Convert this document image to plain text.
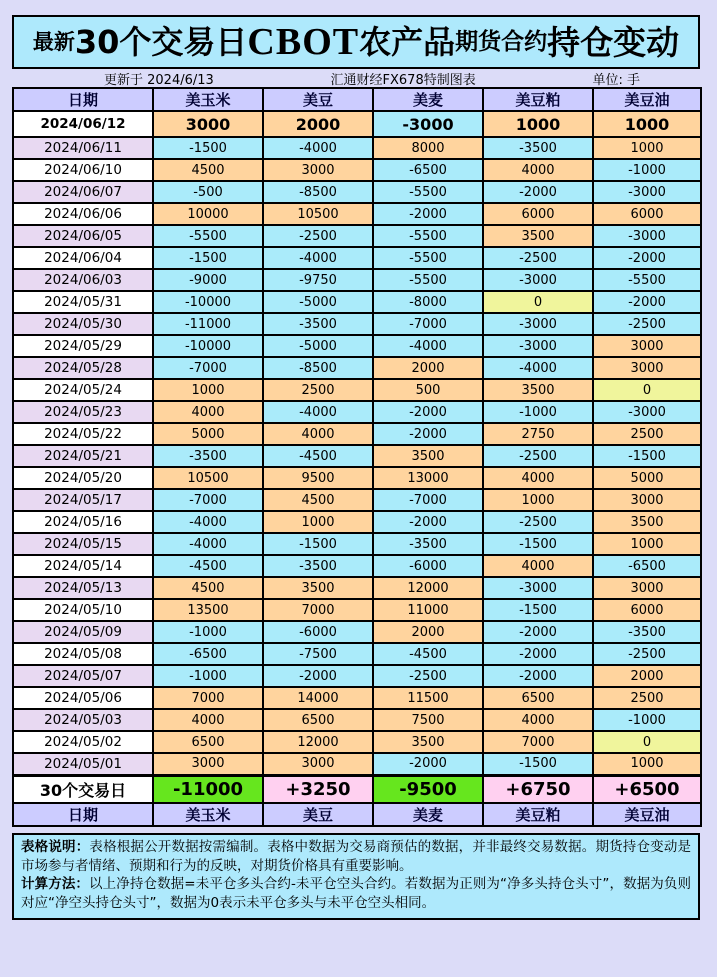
最新 30个交易日 CBOT 农产品 期货合约 持仓变动
更新于 2024/6/13	汇通财经FX678特制图表	单位: 手
日期	美玉米	美豆	美麦	美豆粕	美豆油
2024/06/12	3000	2000	-3000	1000	1000
2024/06/11	-1500	-4000	8000	-3500	1000
2024/06/10	4500	3000	-6500	4000	-1000
2024/06/07	-500	-8500	-5500	-2000	-3000
2024/06/06	10000	10500	-2000	6000	6000
2024/06/05	-5500	-2500	-5500	3500	-3000
2024/06/04	-1500	-4000	-5500	-2500	-2000
2024/06/03	-9000	-9750	-5500	-3000	-5500
2024/05/31	-10000	-5000	-8000	0	-2000
2024/05/30	-11000	-3500	-7000	-3000	-2500
2024/05/29	-10000	-5000	-4000	-3000	3000
2024/05/28	-7000	-8500	2000	-4000	3000
2024/05/24	1000	2500	500	3500	0
2024/05/23	4000	-4000	-2000	-1000	-3000
2024/05/22	5000	4000	-2000	2750	2500
2024/05/21	-3500	-4500	3500	-2500	-1500
2024/05/20	10500	9500	13000	4000	5000
2024/05/17	-7000	4500	-7000	1000	3000
2024/05/16	-4000	1000	-2000	-2500	3500
2024/05/15	-4000	-1500	-3500	-1500	1000
2024/05/14	-4500	-3500	-6000	4000	-6500
2024/05/13	4500	3500	12000	-3000	3000
2024/05/10	13500	7000	11000	-1500	6000
2024/05/09	-1000	-6000	2000	-2000	-3500
2024/05/08	-6500	-7500	-4500	-2000	-2500
2024/05/07	-1000	-2000	-2500	-2000	2000
2024/05/06	7000	14000	11500	6500	2500
2024/05/03	4000	6500	7500	4000	-1000
2024/05/02	6500	12000	3500	7000	0
2024/05/01	3000	3000	-2000	-1500	1000
30个交易日	-11000	+3250	-9500	+6750	+6500
日期	美玉米	美豆	美麦	美豆粕	美豆油
表格说明：表格根据公开数据按需编制。表格中数据为交易商预估的数据，并非最终交易数据。期货持仓变动是市场参与者情绪、预期和行为的反映，对期货价格具有重要影响。
计算方法：以上净持仓数据=未平仓多头合约-未平仓空头合约。若数据为正则为“净多头持仓头寸”，数据为负则对应“净空头持仓头寸”，数据为0表示未平仓多头与未平仓空头相同。
